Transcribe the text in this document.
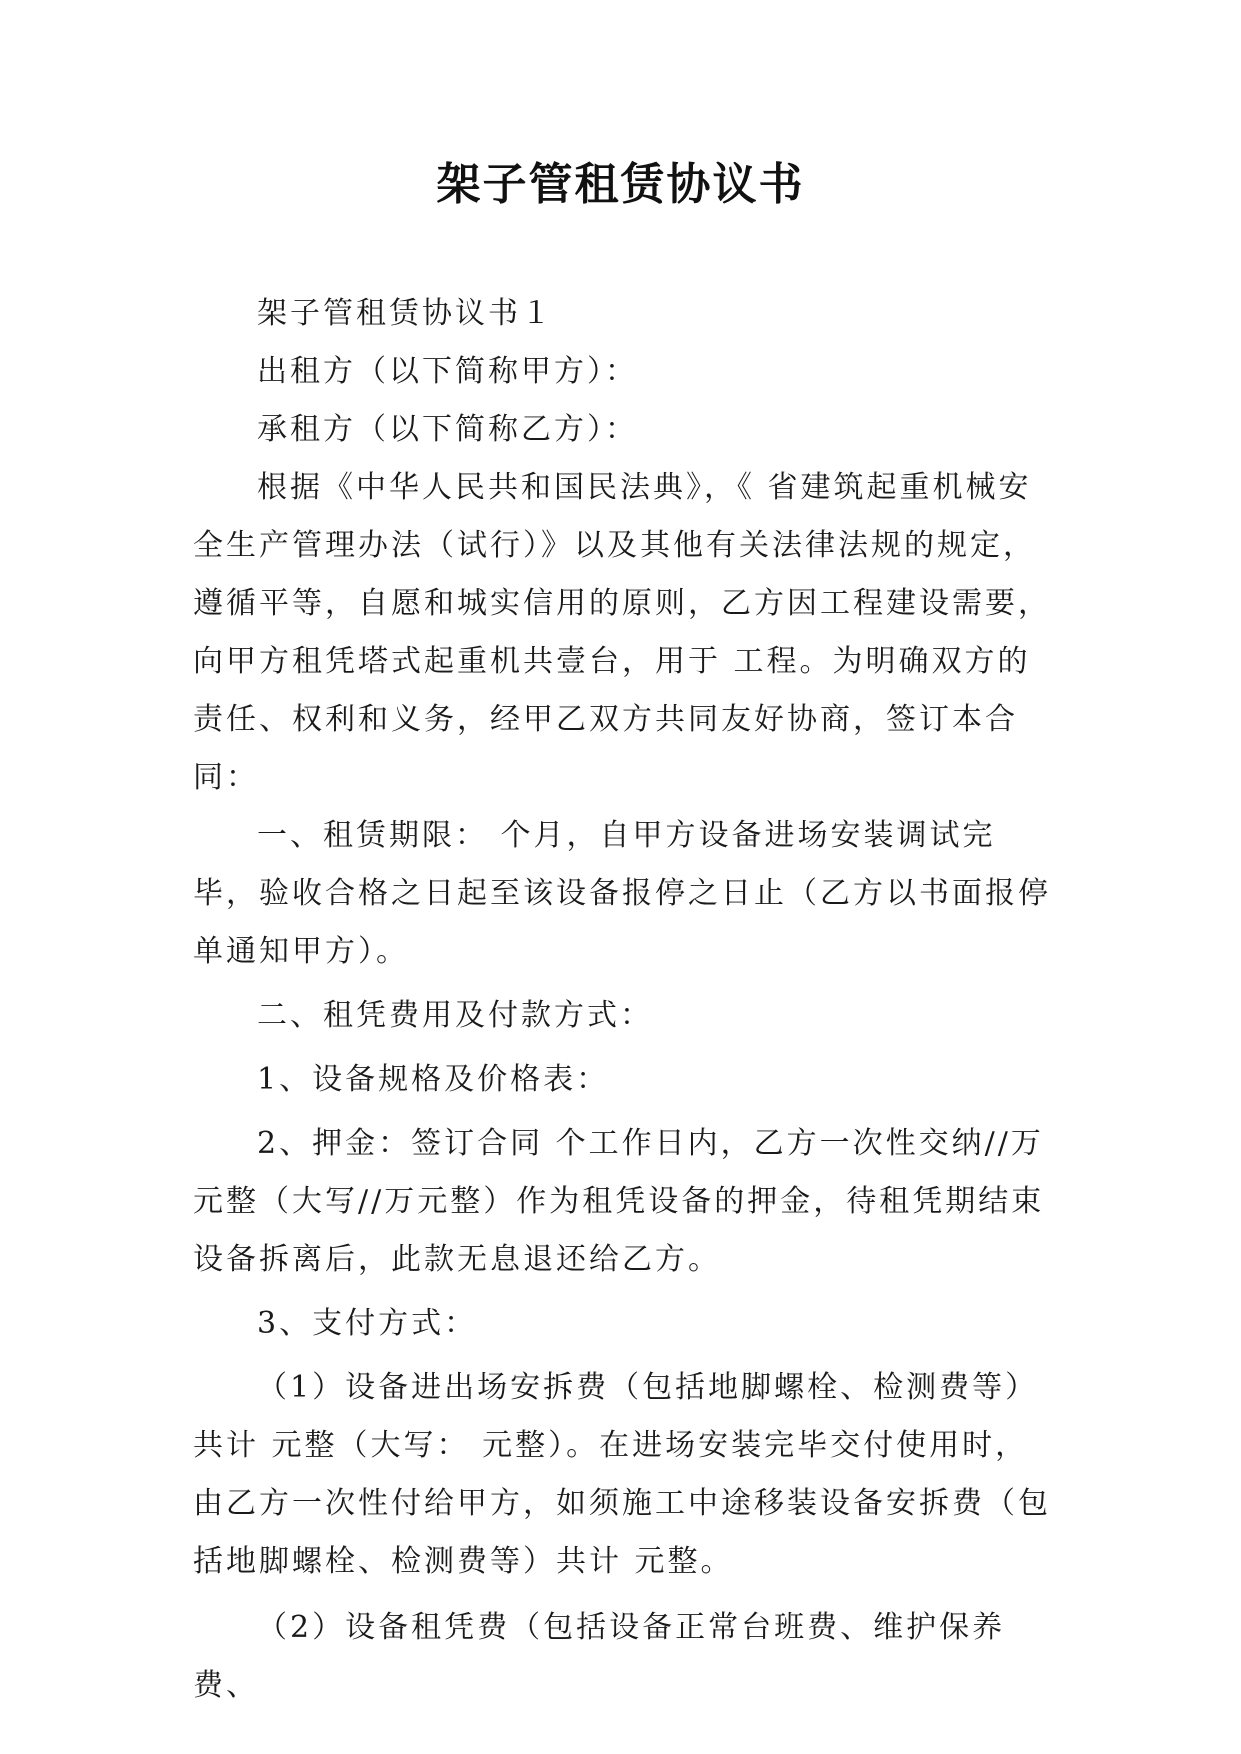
架子管租赁协议书

架子管租赁协议书１

出租方（以下简称甲方）：

承租方（以下简称乙方）：

根据《中华人民共和国民法典》，《 省建筑起重机械安全生产管理办法（试行）》以及其他有关法律法规的规定，遵循平等，自愿和城实信用的原则，乙方因工程建设需要，向甲方租凭塔式起重机共壹台，用于 工程。为明确双方的责任、权利和义务，经甲乙双方共同友好协商，签订本合同：

一、租赁期限： 个月，自甲方设备进场安装调试完毕，验收合格之日起至该设备报停之日止（乙方以书面报停单通知甲方）。

二、租凭费用及付款方式：

1、设备规格及价格表：

2、押金：签订合同 个工作日内，乙方一次性交纳//万元整（大写//万元整）作为租凭设备的押金，待租凭期结束设备拆离后，此款无息退还给乙方。

3、支付方式：

（1）设备进出场安拆费（包括地脚螺栓、检测费等）共计 元整（大写： 元整）。在进场安装完毕交付使用时，由乙方一次性付给甲方，如须施工中途移装设备安拆费（包括地脚螺栓、检测费等）共计 元整。

（2）设备租凭费（包括设备正常台班费、维护保养费、
